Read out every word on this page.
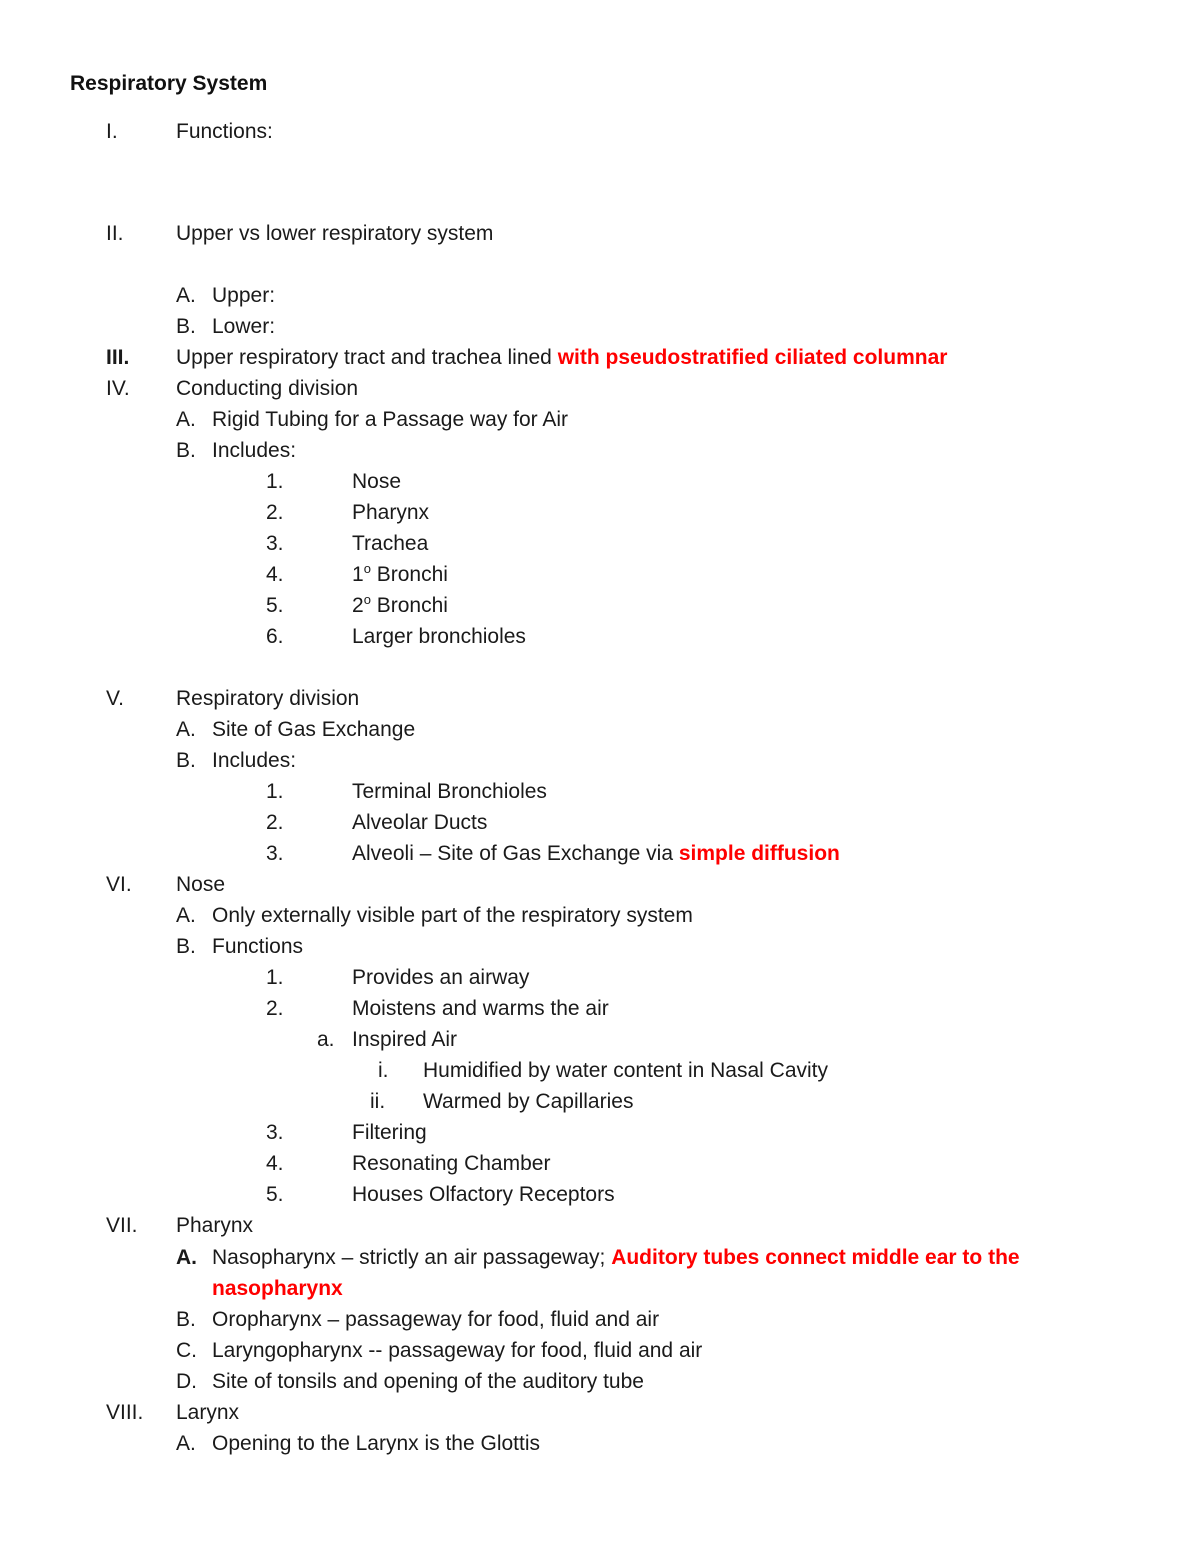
Respiratory System
I.	Functions:
II. Upper vs lower respiratory system
A. Upper:
B. Lower:
III. Upper respiratory tract and trachea lined with pseudostratified ciliated columnar
IV. Conducting division
A. Rigid Tubing for a Passage way for Air
B. Includes:
1.	Nose
2.	Pharynx
3.	Trachea
4.	1$^o$ Bronchi
5.	2$^o$ Bronchi
6.	Larger bronchioles
V. Respiratory division
A. Site of Gas Exchange
B. Includes:
1.	Terminal Bronchioles
2.	Alveolar Ducts
3.	Alveoli – Site of Gas Exchange via simple diffusion
VI. Nose
A. Only externally visible part of the respiratory system
B. Functions
1.	Provides an airway
2.	Moistens and warms the air
a. Inspired Air
i. Humidified by water content in Nasal Cavity
ii. Warmed by Capillaries
3.	Filtering
4.	Resonating Chamber
5.	Houses Olfactory Receptors
VII. Pharynx
A. Nasopharynx – strictly an air passageway; Auditory tubes connect middle ear to the
nasopharynx
B. Oropharynx – passageway for food, fluid and air
C. Laryngopharynx -- passageway for food, fluid and air
D. Site of tonsils and opening of the auditory tube
VIII. Larynx
A. Opening to the Larynx is the Glottis
